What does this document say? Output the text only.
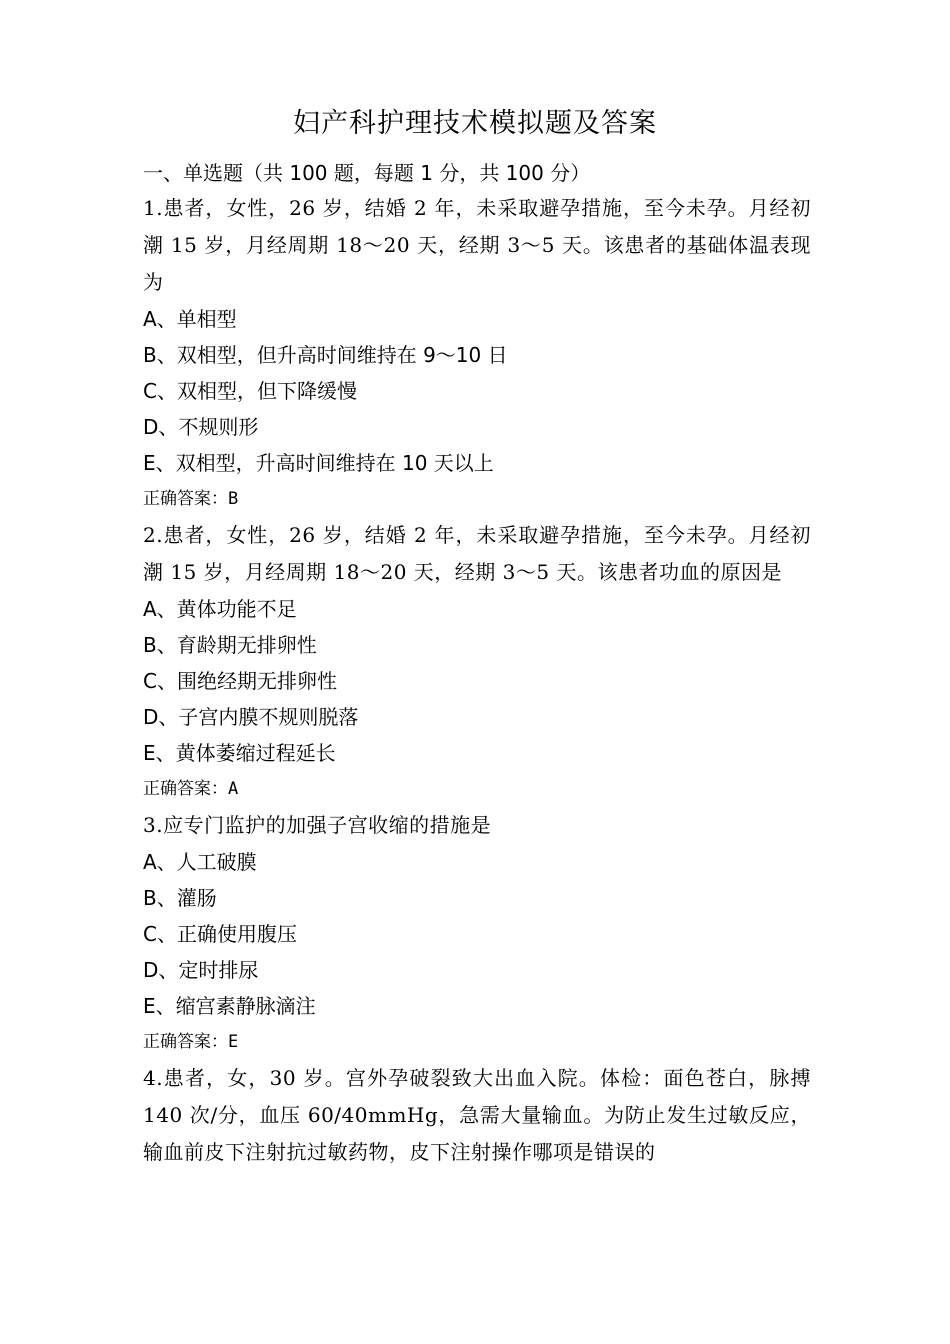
妇产科护理技术模拟题及答案
一、单选题（共 100 题，每题 1 分，共 100 分）

1.患者，女性，26 岁，结婚 2 年，未采取避孕措施，至今未孕。月经初潮 15 岁，月经周期 18～20 天，经期 3～5 天。该患者的基础体温表现为

A、单相型
B、双相型，但升高时间维持在 9～10 日
C、双相型，但下降缓慢
D、不规则形
E、双相型，升高时间维持在 10 天以上
正确答案：B

2.患者，女性，26 岁，结婚 2 年，未采取避孕措施，至今未孕。月经初潮 15 岁，月经周期 18～20 天，经期 3～5 天。该患者功血的原因是

A、黄体功能不足
B、育龄期无排卵性
C、围绝经期无排卵性
D、子宫内膜不规则脱落
E、黄体萎缩过程延长
正确答案：A

3.应专门监护的加强子宫收缩的措施是

A、人工破膜
B、灌肠
C、正确使用腹压
D、定时排尿
E、缩宫素静脉滴注
正确答案：E

4.患者，女，30 岁。宫外孕破裂致大出血入院。体检：面色苍白，脉搏 140 次/分，血压 60/40mmHg，急需大量输血。为防止发生过敏反应，输血前皮下注射抗过敏药物，皮下注射操作哪项是错误的
